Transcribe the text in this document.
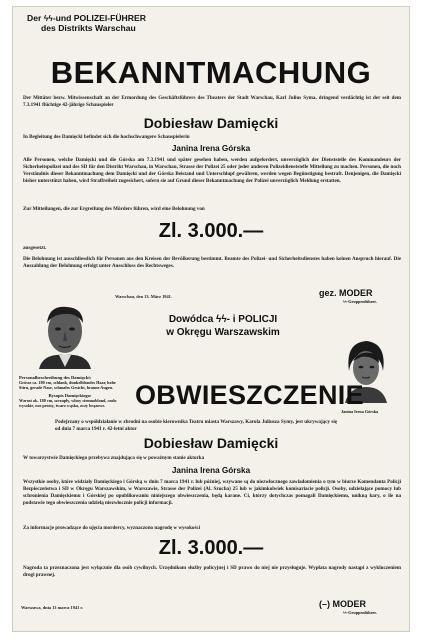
Der ϟϟ-und POLIZEI-FÜHRER
des Distrikts Warschau
BEKANNTMACHUNG
Der Mittäter bezw. Mitwissenschaft an der Ermordung des Geschäftsführers des Theaters der Stadt Warschau, Karl Julius Syma, dringend verdächtig ist der seit dem 7.3.1941 flüchtige 42-jährige Schauspieler
Dobiesław Damięcki
In Begleitung des Damięcki befindet sich die hochschwangere Schauspielerin
Janina Irena Górska
Alle Personen, welche Damięcki und die Górska am 7.3.1941 und später gesehen haben, werden aufgefordert, unverzüglich der Dienststelle des Kommandeurs der Sicherheitspolizei und des SD für den Distrikt Warschau, in Warschau, Strasse der Polizei 25 oder jeder anderen Polizeidienststelle Mitteilung zu machen. Personen, die noch Verständnis dieser Bekanntmachung dem Damięcki und der Górska Beistand und Unterschlupf gewähren, werden wegen Begünstigung bestraft. Denjenigen, die Damięcki bisher unterstützt haben, wird Straffreiheit zugesichert, sofern sie auf Grund dieser Bekanntmachung der Polizei unverzüglich Meldung erstatten.
Zur Mitteilungen, die zur Ergreifung des Mörders führen, wird eine Belohnung von
Zl. 3.000.—
ausgesetzt.
Die Belohnung ist ausschliesslich für Personen aus den Kreisen der Bevölkerung bestimmt. Beamte des Polizei- und Sicherheitsdienstes haben keinen Anspruch hierauf. Die Auszahlung der Belohnung erfolgt unter Ausschluss des Rechtsweges.
Warschau, den 13. März 1941.	gez. MODER
ϟϟ-Gruppenführer.
Dowódca ϟϟ- i POLICJI
w Okręgu Warszawskim
Personalbeschreibung des Damięcki:
Grösse ca. 180 cm, schlank, dunkelblondes Haar, hohe Stirn, gerade Nase, schmales Gesicht, braune Augen.
Rysopis Damięckiego:
Wzrost ok. 180 cm, szczupły, włosy ciemnoblond, czoło wysokie, nos prosty, twarz wąska, oczy brązowe.
Janina Irena Górska
OBWIESZCZENIE
Podejrzany o współdziałanie w zbrodni na osobie kierownika Teatru miasta Warszawy, Karola Juliusza Symy, jest ukrywający się od dnia 7 marca 1941 r. 42-letni aktor
Dobiesław Damięcki
W towarzystwie Damięckiego przebywa znajdująca się w poważnym stanie aktorka
Janina Irena Górska
Wszystkie osoby, które widziały Damięckiego i Górską w dniu 7 marca 1941 r. lub później, wzywane są do niezwłocznego zawiadomienia o tym w biurze Komendanta Policji Bezpieczeństwa i SD w Okręgu Warszawskim, w Warszawie, Strasse der Polizei (Al. Szucha) 25 lub w jakimkolwiek komisariacie policji. Osoby, udzielające pomocy lub schronienia Damięckiemu i Górskiej po opublikowaniu niniejszego obwieszczenia, będą karane. Ci, którzy dotychczas pomagali Damięckiemu, unikną kary, o ile na podstawie tego obwieszczenia udzielą niezwłocznie policji informacji.
Za informacje prowadzące do ujęcia mordercy, wyznaczono nagrodę w wysokości
Zl. 3.000.—
Nagroda ta przeznaczona jest wyłącznie dla osób cywilnych. Urzędnikom służby policyjnej i SD prawo do niej nie przysługuje. Wypłata nagrody nastąpi z wykluczeniem drogi prawnej.
Warszawa, dnia 13 marca 1941 r.	(–) MODER
ϟϟ-Gruppenführer.
